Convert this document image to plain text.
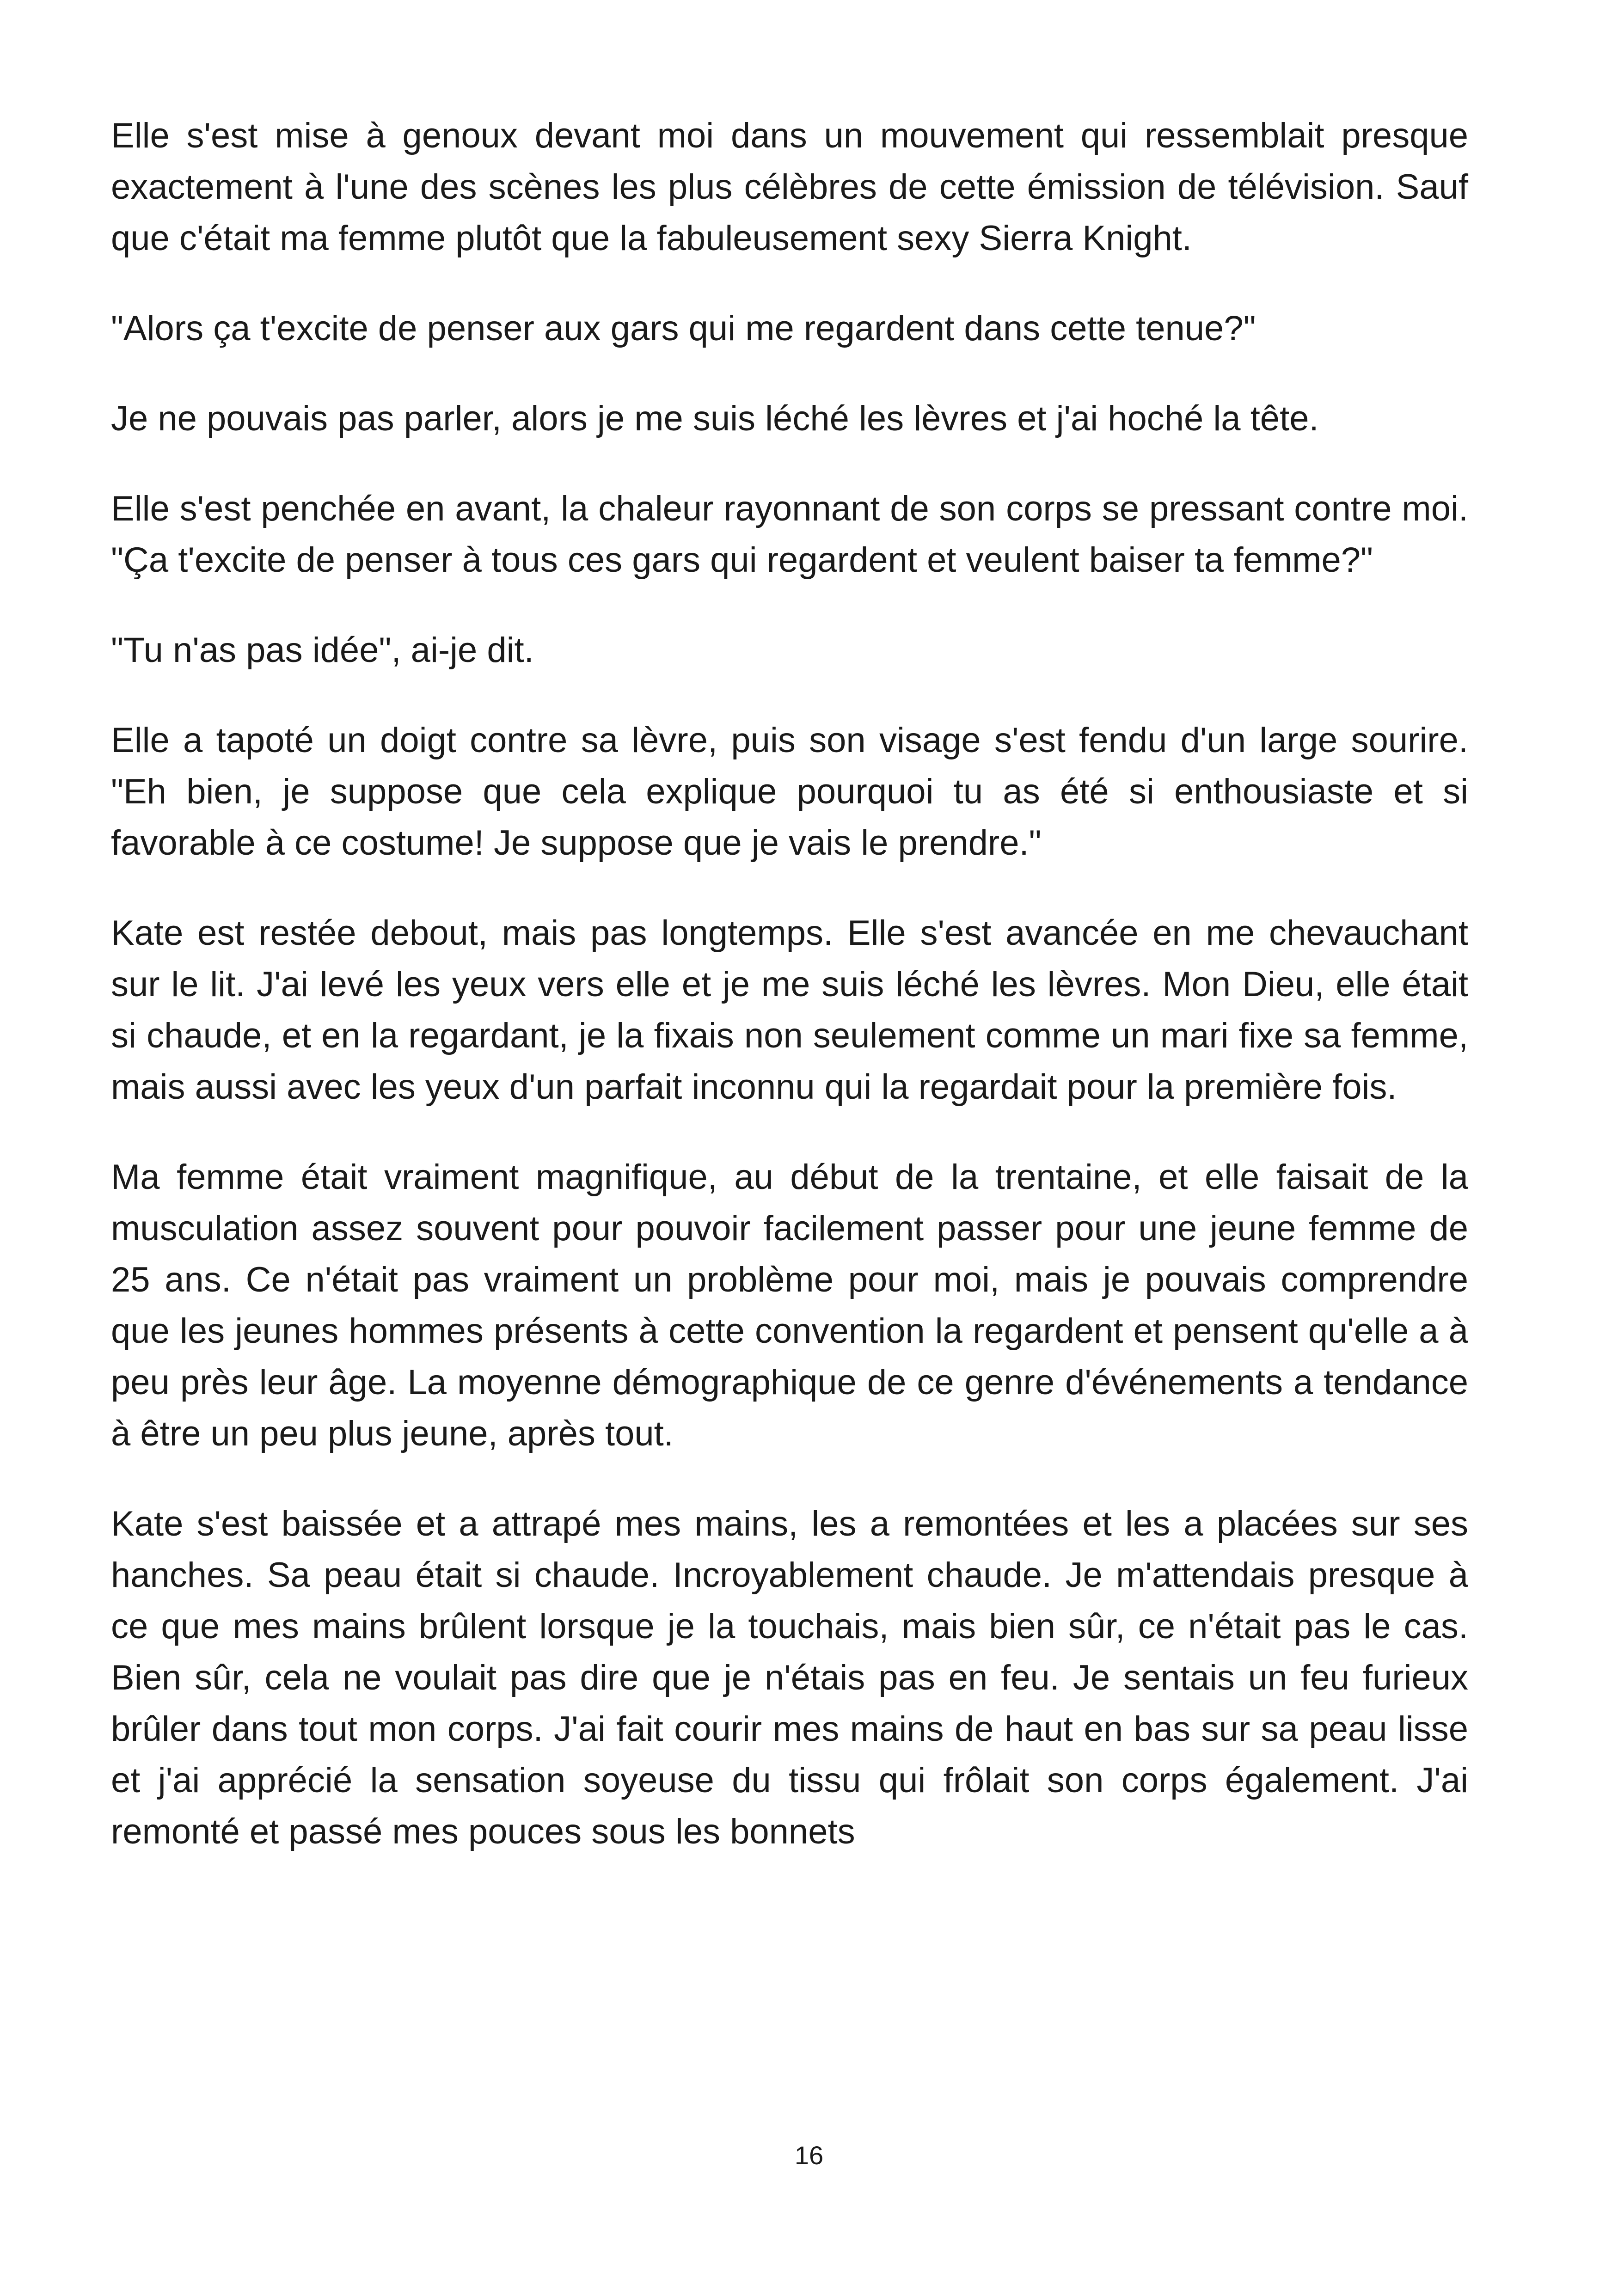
Elle s'est mise à genoux devant moi dans un mouvement qui ressemblait presque exactement à l'une des scènes les plus célèbres de cette émission de télévision. Sauf que c'était ma femme plutôt que la fabuleusement sexy Sierra Knight.

"Alors ça t'excite de penser aux gars qui me regardent dans cette tenue?"

Je ne pouvais pas parler, alors je me suis léché les lèvres et j'ai hoché la tête.

Elle s'est penchée en avant, la chaleur rayonnant de son corps se pressant contre moi. "Ça t'excite de penser à tous ces gars qui regardent et veulent baiser ta femme?"

"Tu n'as pas idée", ai-je dit.

Elle a tapoté un doigt contre sa lèvre, puis son visage s'est fendu d'un large sourire. "Eh bien, je suppose que cela explique pourquoi tu as été si enthousiaste et si favorable à ce costume! Je suppose que je vais le prendre."

Kate est restée debout, mais pas longtemps. Elle s'est avancée en me chevauchant sur le lit. J'ai levé les yeux vers elle et je me suis léché les lèvres. Mon Dieu, elle était si chaude, et en la regardant, je la fixais non seulement comme un mari fixe sa femme, mais aussi avec les yeux d'un parfait inconnu qui la regardait pour la première fois.

Ma femme était vraiment magnifique, au début de la trentaine, et elle faisait de la musculation assez souvent pour pouvoir facilement passer pour une jeune femme de 25 ans. Ce n'était pas vraiment un problème pour moi, mais je pouvais comprendre que les jeunes hommes présents à cette convention la regardent et pensent qu'elle a à peu près leur âge. La moyenne démographique de ce genre d'événements a tendance à être un peu plus jeune, après tout.

Kate s'est baissée et a attrapé mes mains, les a remontées et les a placées sur ses hanches. Sa peau était si chaude. Incroyablement chaude. Je m'attendais presque à ce que mes mains brûlent lorsque je la touchais, mais bien sûr, ce n'était pas le cas. Bien sûr, cela ne voulait pas dire que je n'étais pas en feu. Je sentais un feu furieux brûler dans tout mon corps. J'ai fait courir mes mains de haut en bas sur sa peau lisse et j'ai apprécié la sensation soyeuse du tissu qui frôlait son corps également. J'ai remonté et passé mes pouces sous les bonnets

16
